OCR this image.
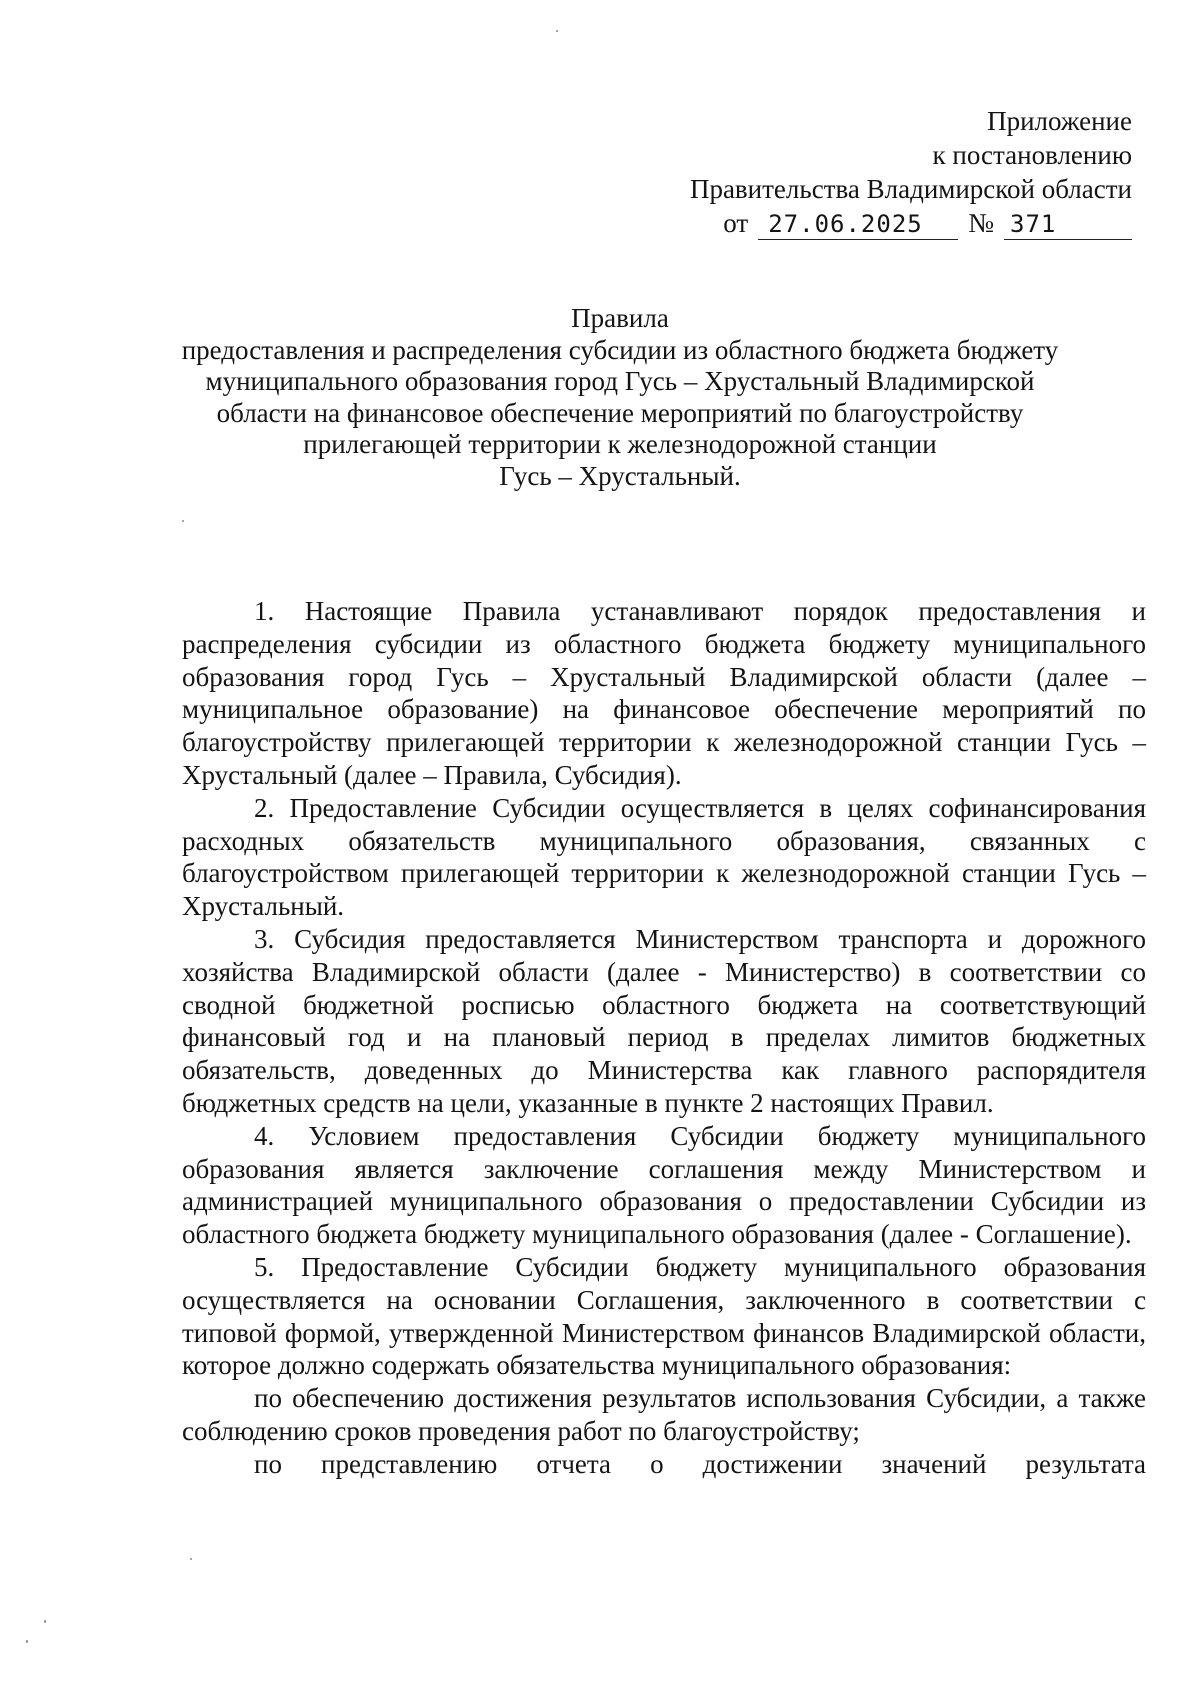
Приложение
к постановлению
Правительства Владимирской области
от 27.06.2025	№ 371
Правила
предоставления и распределения субсидии из областного бюджета бюджету
муниципального образования город Гусь – Хрустальный Владимирской
области на финансовое обеспечение мероприятий по благоустройству
прилегающей территории к железнодорожной станции
Гусь – Хрустальный.

1. Настоящие Правила устанавливают порядок предоставления и распределения субсидии из областного бюджета бюджету муниципального образования город Гусь – Хрустальный Владимирской области (далее – муниципальное образование) на финансовое обеспечение мероприятий по благоустройству прилегающей территории к железнодорожной станции Гусь – Хрустальный (далее – Правила, Субсидия).

2. Предоставление Субсидии осуществляется в целях софинансирования расходных обязательств муниципального образования, связанных с благоустройством прилегающей территории к железнодорожной станции Гусь – Хрустальный.

3. Субсидия предоставляется Министерством транспорта и дорожного хозяйства Владимирской области (далее - Министерство) в соответствии со сводной бюджетной росписью областного бюджета на соответствующий финансовый год и на плановый период в пределах лимитов бюджетных обязательств, доведенных до Министерства как главного распорядителя бюджетных средств на цели, указанные в пункте 2 настоящих Правил.

4. Условием предоставления Субсидии бюджету муниципального образования является заключение соглашения между Министерством и администрацией муниципального образования о предоставлении Субсидии из областного бюджета бюджету муниципального образования (далее - Соглашение).

5. Предоставление Субсидии бюджету муниципального образования осуществляется на основании Соглашения, заключенного в соответствии с типовой формой, утвержденной Министерством финансов Владимирской области, которое должно содержать обязательства муниципального образования:

по обеспечению достижения результатов использования Субсидии, а также соблюдению сроков проведения работ по благоустройству;

по представлению отчета о достижении значений результата
